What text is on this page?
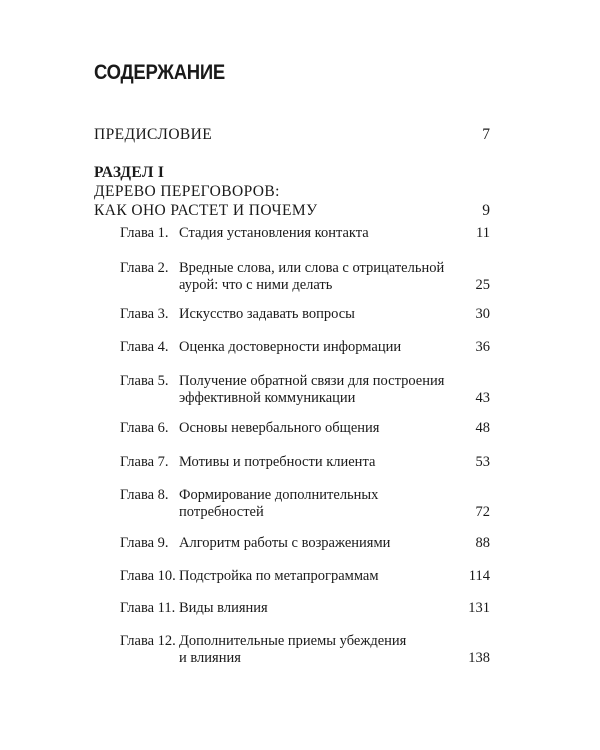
СОДЕРЖАНИЕ
ПРЕДИСЛОВИЕ	7
РАЗДЕЛ I
ДЕРЕВО ПЕРЕГОВОРОВ:
КАК ОНО РАСТЕТ И ПОЧЕМУ	9
Глава 1. Стадия установления контакта	11
Глава 2. Вредные слова, или слова с отрицательной
аурой: что с ними делать	25
Глава 3. Искусство задавать вопросы	30
Глава 4. Оценка достоверности информации	36
Глава 5. Получение обратной связи для построения
эффективной коммуникации	43
Глава 6. Основы невербального общения	48
Глава 7. Мотивы и потребности клиента	53
Глава 8. Формирование дополнительных
потребностей	72
Глава 9. Алгоритм работы с возражениями	88
Глава 10. Подстройка по метапрограммам	114
Глава 11. Виды влияния	131
Глава 12. Дополнительные приемы убеждения
и влияния	138
